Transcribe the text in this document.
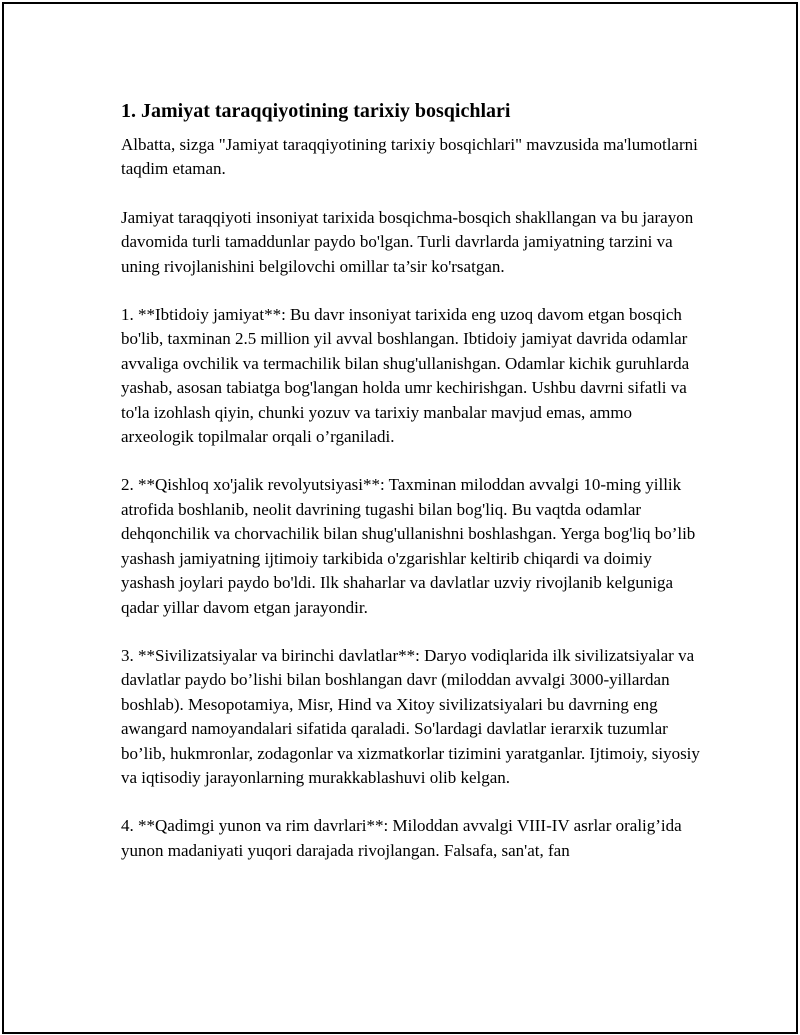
1. Jamiyat taraqqiyotining tarixiy bosqichlari

Albatta, sizga "Jamiyat taraqqiyotining tarixiy bosqichlari" mavzusida ma'lumotlarni taqdim etaman.

Jamiyat taraqqiyoti insoniyat tarixida bosqichma-bosqich shakllangan va bu jarayon davomida turli tamaddunlar paydo bo'lgan. Turli davrlarda jamiyatning tarzini va uning rivojlanishini belgilovchi omillar ta’sir ko'rsatgan.

1. **Ibtidoiy jamiyat**: Bu davr insoniyat tarixida eng uzoq davom etgan bosqich bo'lib, taxminan 2.5 million yil avval boshlangan. Ibtidoiy jamiyat davrida odamlar avvaliga ovchilik va termachilik bilan shug'ullanishgan. Odamlar kichik guruhlarda yashab, asosan tabiatga bog'langan holda umr kechirishgan. Ushbu davrni sifatli va to'la izohlash qiyin, chunki yozuv va tarixiy manbalar mavjud emas, ammo arxeologik topilmalar orqali o’rganiladi.

2. **Qishloq xo'jalik revolyutsiyasi**: Taxminan miloddan avvalgi 10-ming yillik atrofida boshlanib, neolit davrining tugashi bilan bog'liq. Bu vaqtda odamlar dehqonchilik va chorvachilik bilan shug'ullanishni boshlashgan. Yerga bog'liq bo’lib yashash jamiyatning ijtimoiy tarkibida o'zgarishlar keltirib chiqardi va doimiy yashash joylari paydo bo'ldi. Ilk shaharlar va davlatlar uzviy rivojlanib kelguniga qadar yillar davom etgan jarayondir.

3. **Sivilizatsiyalar va birinchi davlatlar**: Daryo vodiqlarida ilk sivilizatsiyalar va davlatlar paydo bo’lishi bilan boshlangan davr (miloddan avvalgi 3000-yillardan boshlab). Mesopotamiya, Misr, Hind va Xitoy sivilizatsiyalari bu davrning eng awangard namoyandalari sifatida qaraladi. So'lardagi davlatlar ierarxik tuzumlar bo’lib, hukmronlar, zodagonlar va xizmatkorlar tizimini yaratganlar. Ijtimoiy, siyosiy va iqtisodiy jarayonlarning murakkablashuvi olib kelgan.

4. **Qadimgi yunon va rim davrlari**: Miloddan avvalgi VIII-IV asrlar oralig’ida yunon madaniyati yuqori darajada rivojlangan. Falsafa, san'at, fan
